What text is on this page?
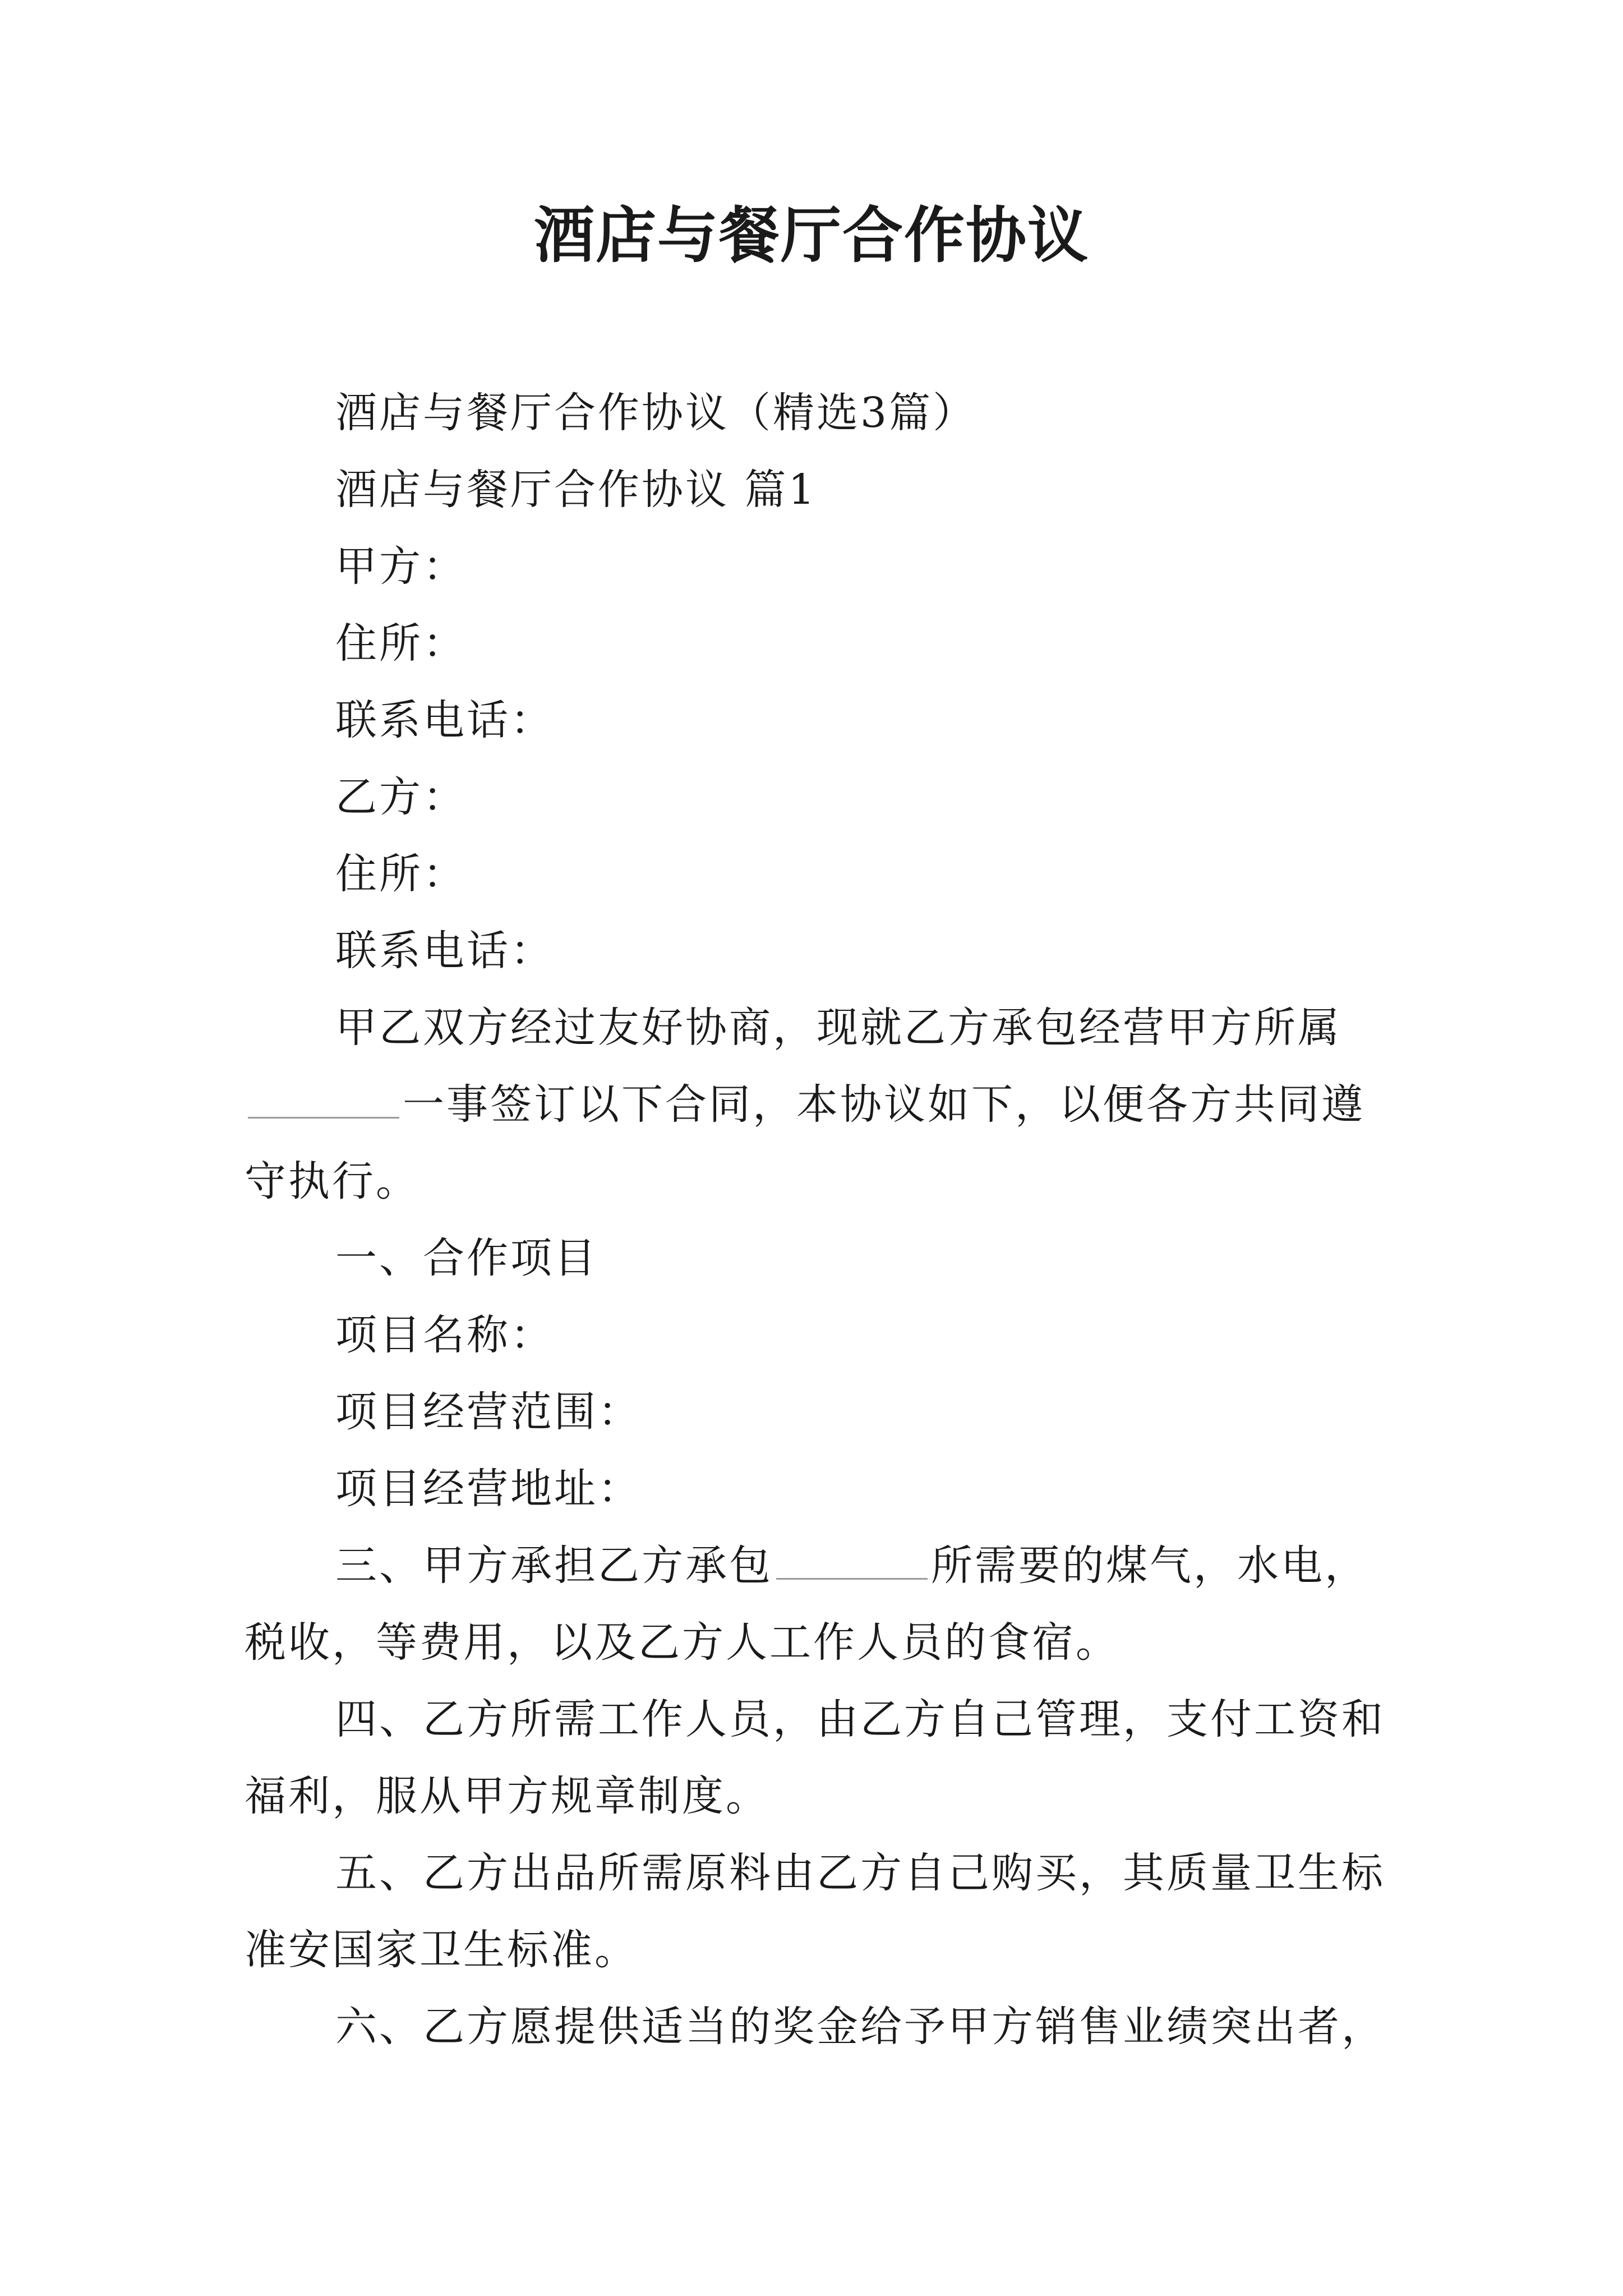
酒店与餐厅合作协议
酒店与餐厅合作协议（精选3篇）
酒店与餐厅合作协议 篇1
甲方：
住所：
联系电话：
乙方：
住所：
联系电话：
甲乙双方经过友好协商，现就乙方承包经营甲方所属
一事签订以下合同，本协议如下，以便各方共同遵
守执行。
一、合作项目
项目名称：
项目经营范围：
项目经营地址：
三、甲方承担乙方承包	所需要的煤气，水电，
税收，等费用，以及乙方人工作人员的食宿。
四、乙方所需工作人员，由乙方自己管理，支付工资和
福利，服从甲方规章制度。
五、乙方出品所需原料由乙方自己购买，其质量卫生标
准安国家卫生标准。
六、乙方愿提供适当的奖金给予甲方销售业绩突出者，
